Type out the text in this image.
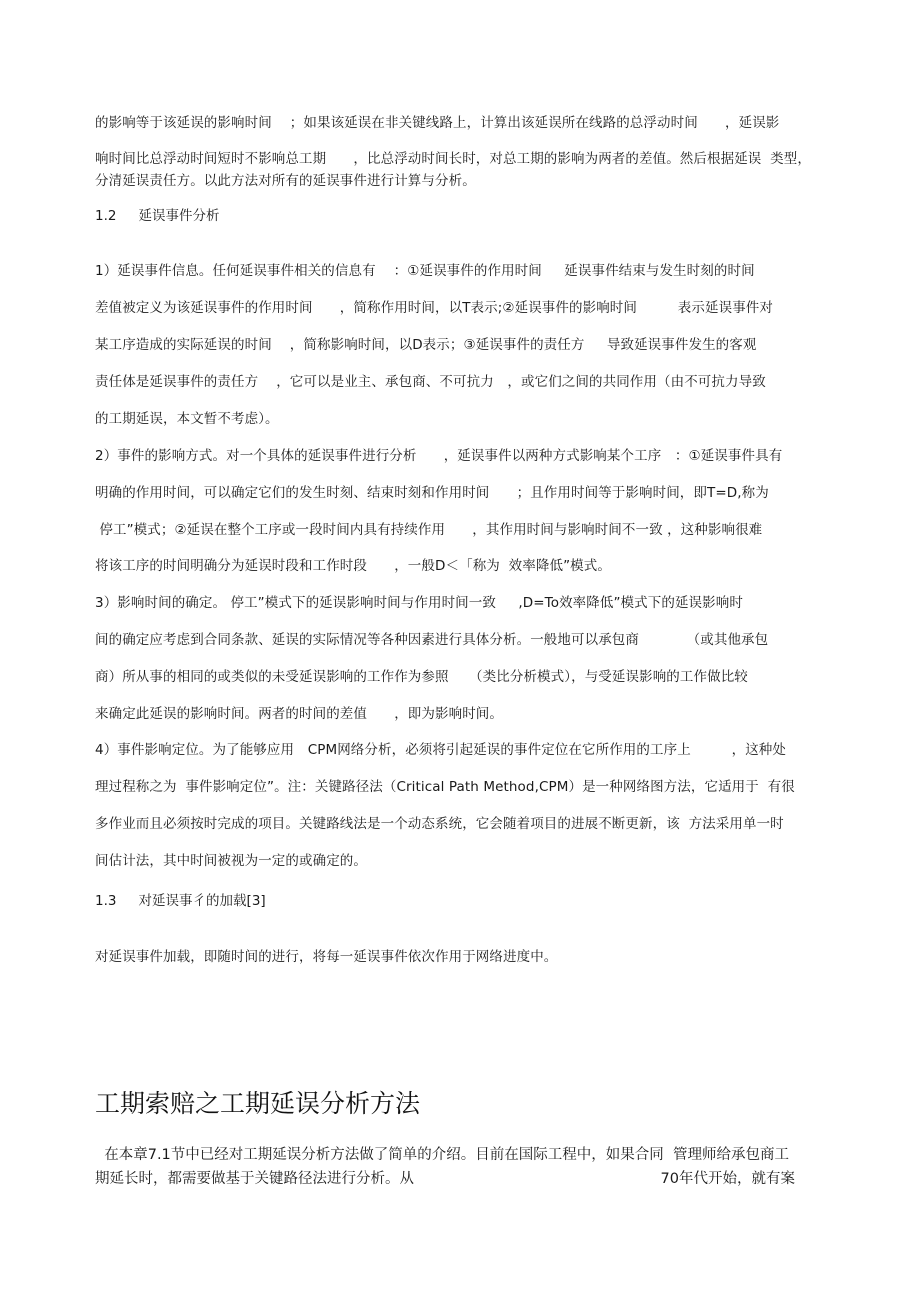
的影响等于该延误的影响时间　 ；如果该延误在非关键线路上，计算出该延误所在线路的总浮动时间　　，延误影
响时间比总浮动时间短时不影响总工期　　，比总浮动时间长时，对总工期的影响为两者的差值。然后根据延误  类型，
分清延误责任方。以此方法对所有的延误事件进行计算与分析。
1.2　  延误事件分析
1）延误事件信息。任何延误事件相关的信息有　 ：①延误事件的作用时间　  延误事件结束与发生时刻的时间
差值被定义为该延误事件的作用时间　　，简称作用时间，以T表示;②延误事件的影响时间　　　表示延误事件对
某工序造成的实际延误的时间　 ，简称影响时间，以D表示；③延误事件的责任方　  导致延误事件发生的客观
责任体是延误事件的责任方　 ，它可以是业主、承包商、不可抗力　，或它们之间的共同作用（由不可抗力导致
的工期延误，本文暂不考虑）。
2）事件的影响方式。对一个具体的延误事件进行分析　　，延误事件以两种方式影响某个工序　：①延误事件具有
明确的作用时间，可以确定它们的发生时刻、结束时刻和作用时间　　；且作用时间等于影响时间，即T=D,称为
停工”模式；②延误在整个工序或一段时间内具有持续作用　　，其作用时间与影响时间不一致 ，这种影响很难
将该工序的时间明确分为延误时段和工作时段　　，一般D＜「称为  效率降低”模式。
3）影响时间的确定。 停工”模式下的延误影响时间与作用时间一致　  ,D=To效率降低”模式下的延误影响时
间的确定应考虑到合同条款、延误的实际情况等各种因素进行具体分析。一般地可以承包商　　　　（或其他承包
商）所从事的相同的或类似的未受延误影响的工作作为参照　　（类比分析模式），与受延误影响的工作做比较
来确定此延误的影响时间。两者的时间的差值　　，即为影响时间。
4）事件影响定位。为了能够应用　CPM网络分析，必须将引起延误的事件定位在它所作用的工序上　　　，这种处
理过程称之为  事件影响定位”。注：关键路径法（Critical Path Method,CPM）是一种网络图方法，它适用于  有很
多作业而且必须按时完成的项目。关键路线法是一个动态系统，它会随着项目的进展不断更新，该  方法采用单一时
间估计法，其中时间被视为一定的或确定的。
1.3　  对延误事彳的加载[3]
对延误事件加载，即随时间的进行，将每一延误事件依次作用于网络进度中。
工期索赔之工期延误分析方法
在本章7.1节中已经对工期延误分析方法做了简单的介绍。目前在国际工程中，如果合同  管理师给承包商工
期延长时，都需要做基于关键路径法进行分析。从　　　　　　　　　　　　　　　　　70年代开始，就有案
